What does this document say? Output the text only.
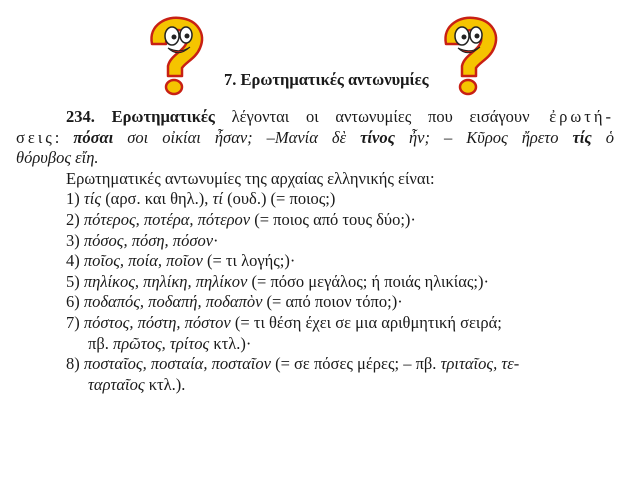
7. Ερωτηματικές αντωνυμίες
234. Ερωτηματικές λέγονται οι αντωνυμίες που εισάγουν ἐρωτή-
σεις: πόσαι σοι οἰκίαι ἦσαν; –Μανία δὲ τίνος ἦν; – Κῦρος ἤρετο τίς ὁ
θόρυβος εἴη.
Ερωτηματικές αντωνυμίες της αρχαίας ελληνικής είναι:
1) τίς (αρσ. και θηλ.), τί (ουδ.) (= ποιος;)
2) πότερος, ποτέρα, πότερον (= ποιος από τους δύο;)·
3) πόσος, πόση, πόσον·
4) ποῖος, ποία, ποῖον (= τι λογής;)·
5) πηλίκος, πηλίκη, πηλίκον (= πόσο μεγάλος; ή ποιάς ηλικίας;)·
6) ποδαπός, ποδαπή, ποδαπὸν (= από ποιον τόπο;)·
7) πόστος, πόστη, πόστον (= τι θέση έχει σε μια αριθμητική σειρά;
πβ. πρῶτος, τρίτος κτλ.)·
8) ποσταῖος, ποσταία, ποσταῖον (= σε πόσες μέρες; – πβ. τριταῖος, τε-
ταρταῖος κτλ.).
